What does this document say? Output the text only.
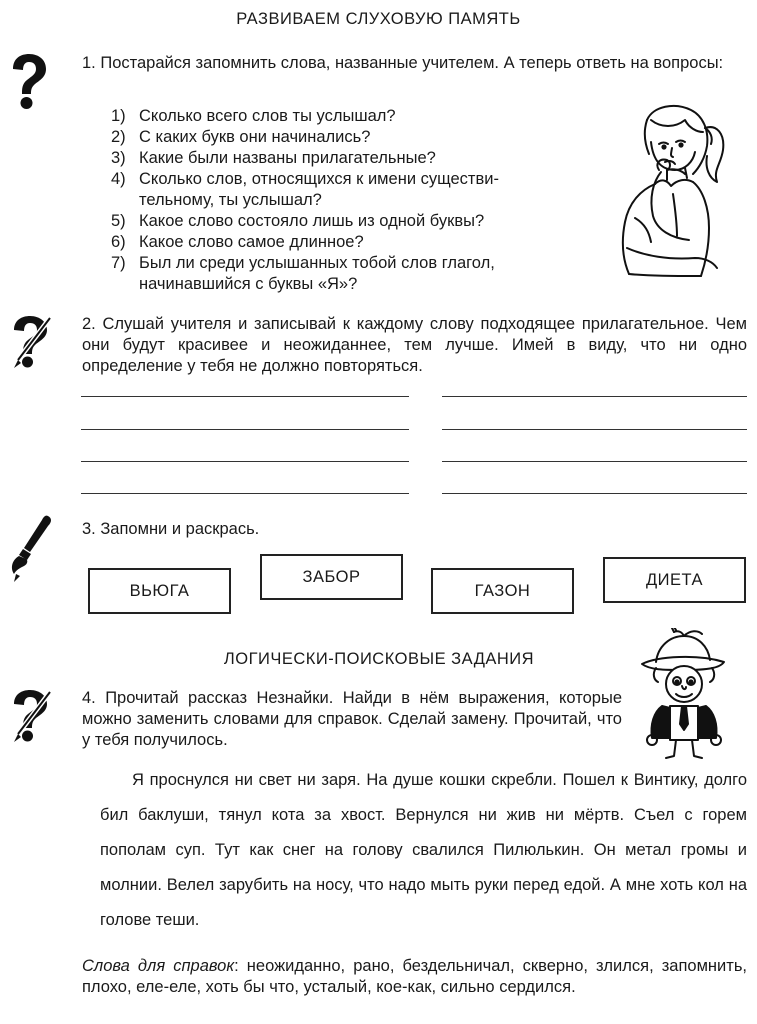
РАЗВИВАЕМ СЛУХОВУЮ ПАМЯТЬ
1. Постарайся запомнить слова, названные учителем. А теперь ответь на вопросы:
1) Сколько всего слов ты услышал?
2) С каких букв они начинались?
3) Какие были названы прилагательные?
4) Сколько слов, относящихся к имени существи-
тельному, ты услышал?
5) Какое слово состояло лишь из одной буквы?
6) Какое слово самое длинное?
7) Был ли среди услышанных тобой слов глагол,
начинавшийся с буквы «Я»?
2. Слушай учителя и записывай к каждому слову подходящее прилагательное. Чем они будут красивее и неожиданнее, тем лучше. Имей в виду, что ни одно определение у тебя не должно повторяться.
3. Запомни и раскрась.
ВЬЮГА
ЗАБОР
ГАЗОН
ДИЕТА
ЛОГИЧЕСКИ-ПОИСКОВЫЕ ЗАДАНИЯ
4. Прочитай рассказ Незнайки. Найди в нём выражения, которые можно заменить словами для справок. Сделай замену. Прочитай, что у тебя получилось.
Я проснулся ни свет ни заря. На душе кошки скребли. Пошел к Винтику, долго бил баклуши, тянул кота за хвост. Вернулся ни жив ни мёртв. Съел с горем пополам суп. Тут как снег на голову свалился Пилюлькин. Он метал громы и молнии. Велел зарубить на носу, что надо мыть руки перед едой. А мне хоть кол на голове теши.
Слова для справок: неожиданно, рано, бездельничал, скверно, злился, запомнить, плохо, еле-еле, хоть бы что, усталый, кое-как, сильно сердился.
